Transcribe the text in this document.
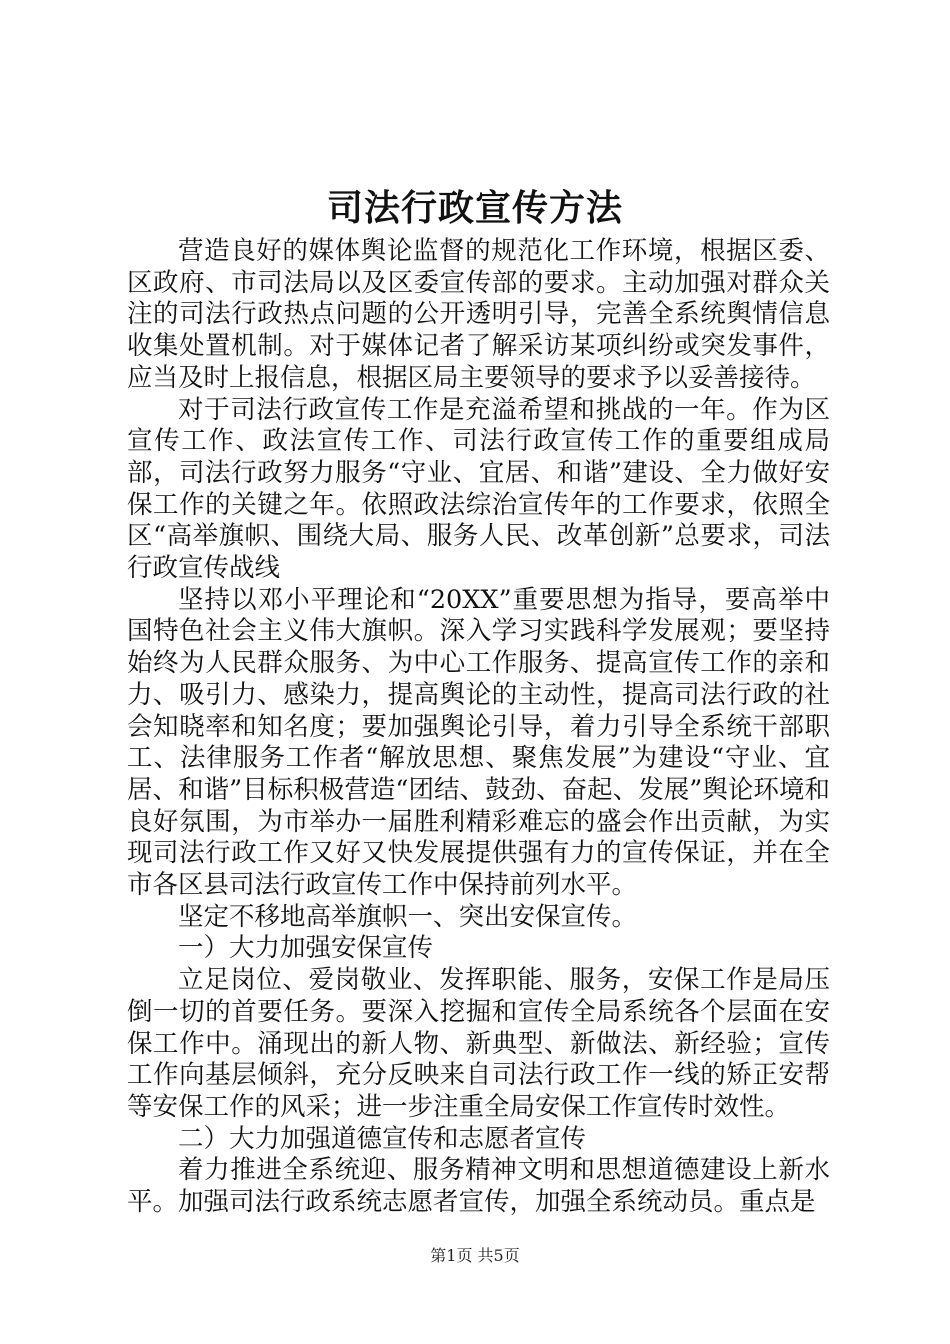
司法行政宣传方法

营造良好的媒体舆论监督的规范化工作环境，根据区委、区政府、市司法局以及区委宣传部的要求。主动加强对群众关注的司法行政热点问题的公开透明引导，完善全系统舆情信息收集处置机制。对于媒体记者了解采访某项纠纷或突发事件，应当及时上报信息，根据区局主要领导的要求予以妥善接待。

对于司法行政宣传工作是充溢希望和挑战的一年。作为区宣传工作、政法宣传工作、司法行政宣传工作的重要组成局部，司法行政努力服务“守业、宜居、和谐”建设、全力做好安保工作的关键之年。依照政法综治宣传年的工作要求，依照全区“高举旗帜、围绕大局、服务人民、改革创新”总要求，司法行政宣传战线

坚持以邓小平理论和“20XX”重要思想为指导，要高举中国特色社会主义伟大旗帜。深入学习实践科学发展观；要坚持始终为人民群众服务、为中心工作服务、提高宣传工作的亲和力、吸引力、感染力，提高舆论的主动性，提高司法行政的社会知晓率和知名度；要加强舆论引导，着力引导全系统干部职工、法律服务工作者“解放思想、聚焦发展”为建设“守业、宜居、和谐”目标积极营造“团结、鼓劲、奋起、发展”舆论环境和良好氛围，为市举办一届胜利精彩难忘的盛会作出贡献，为实现司法行政工作又好又快发展提供强有力的宣传保证，并在全市各区县司法行政宣传工作中保持前列水平。

坚定不移地高举旗帜一、突出安保宣传。

一）大力加强安保宣传

立足岗位、爱岗敬业、发挥职能、服务，安保工作是局压倒一切的首要任务。要深入挖掘和宣传全局系统各个层面在安保工作中。涌现出的新人物、新典型、新做法、新经验；宣传工作向基层倾斜，充分反映来自司法行政工作一线的矫正安帮等安保工作的风采；进一步注重全局安保工作宣传时效性。

二）大力加强道德宣传和志愿者宣传

着力推进全系统迎、服务精神文明和思想道德建设上新水平。加强司法行政系统志愿者宣传，加强全系统动员。重点是

第1页 共5页
